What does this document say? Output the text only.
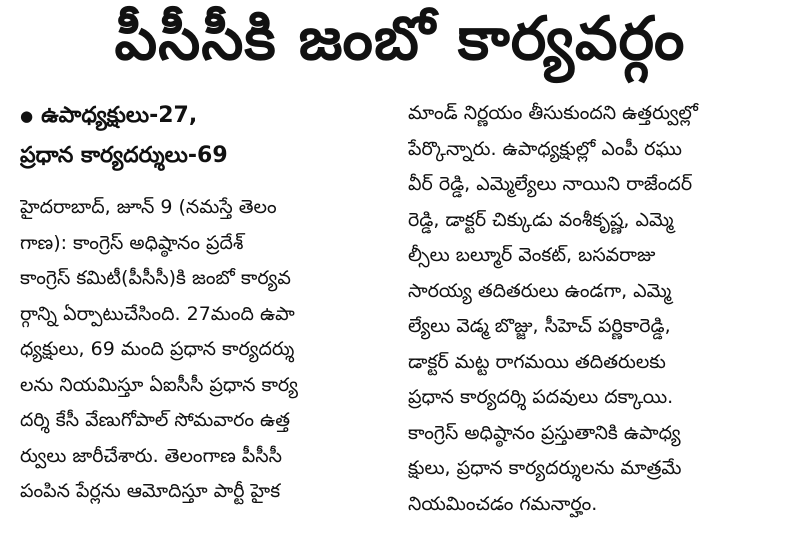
పీసీసీకి జంబో కార్యవర్గం
● ఉపాధ్యక్షులు-27,
ప్రధాన కార్యదర్శులు-69
హైదరాబాద్, జూన్ 9 (నమస్తే తెలం
గాణ): కాంగ్రెస్ అధిష్ఠానం ప్రదేశ్
కాంగ్రెస్ కమిటీ(పీసీసీ)కి జంబో కార్యవ
ర్గాన్ని ఏర్పాటుచేసింది. 27మంది ఉపా
ధ్యక్షులు, 69 మంది ప్రధాన కార్యదర్శు
లను నియమిస్తూ ఏఐసీసీ ప్రధాన కార్య
దర్శి కేసీ వేణుగోపాల్ సోమవారం ఉత్త
ర్వులు జారీచేశారు. తెలంగాణ పీసీసీ
పంపిన పేర్లను ఆమోదిస్తూ పార్టీ హైక
మాండ్ నిర్ణయం తీసుకుందని ఉత్తర్వుల్లో
పేర్కొన్నారు. ఉపాధ్యక్షుల్లో ఎంపీ రఘు
వీర్ రెడ్డి, ఎమ్మెల్యేలు నాయిని రాజేందర్
రెడ్డి, డాక్టర్ చిక్కుడు వంశీకృష్ణ, ఎమ్మె
ల్సీలు బల్మూర్ వెంకట్, బసవరాజు
సారయ్య తదితరులు ఉండగా, ఎమ్మె
ల్యేలు వెడ్మ బొజ్జు, సీహెచ్ పర్ణికారెడ్డి,
డాక్టర్ మట్ట రాగమయి తదితరులకు
ప్రధాన కార్యదర్శి పదవులు దక్కాయి.
కాంగ్రెస్ అధిష్ఠానం ప్రస్తుతానికి ఉపాధ్య
క్షులు, ప్రధాన కార్యదర్శులను మాత్రమే
నియమించడం గమనార్హం.
